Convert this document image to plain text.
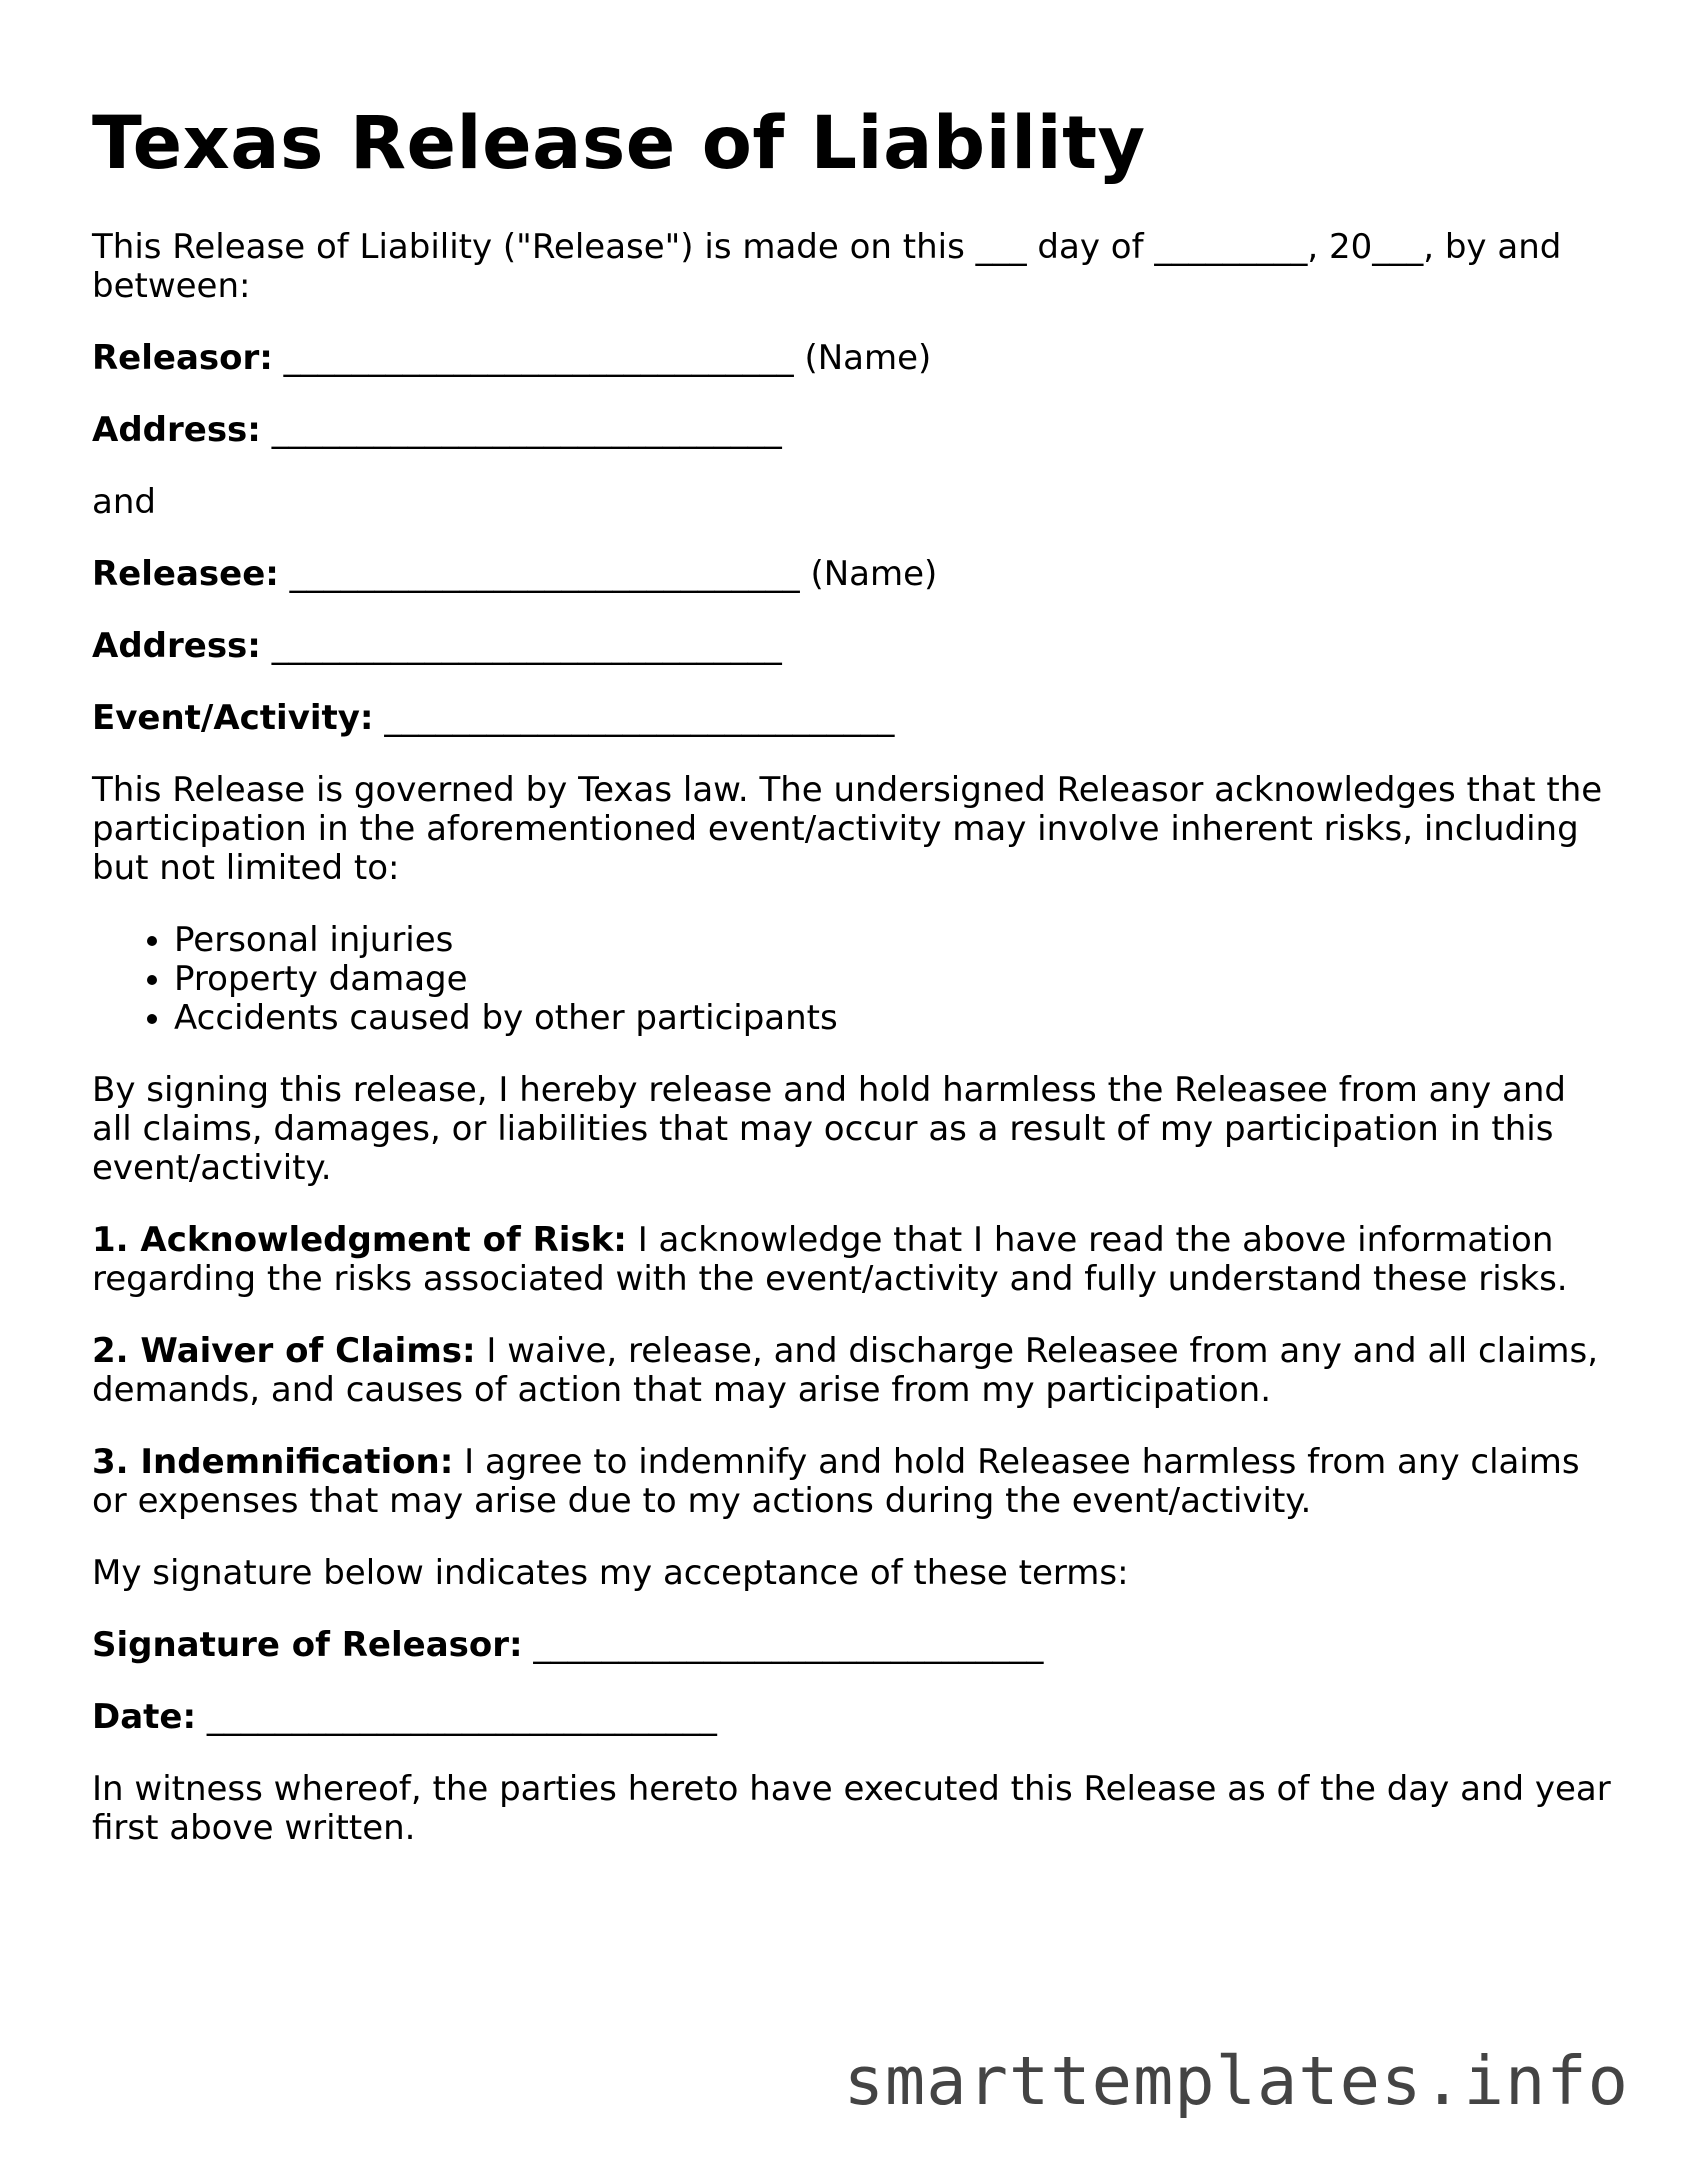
Texas Release of Liability

This Release of Liability ("Release") is made on this ___ day of _________, 20___, by and between:

Releasor: ______________________________ (Name)
Address: ______________________________

and

Releasee: ______________________________ (Name)
Address: ______________________________
Event/Activity: ______________________________

This Release is governed by Texas law. The undersigned Releasor acknowledges that the participation in the aforementioned event/activity may involve inherent risks, including but not limited to:

• Personal injuries
• Property damage
• Accidents caused by other participants

By signing this release, I hereby release and hold harmless the Releasee from any and all claims, damages, or liabilities that may occur as a result of my participation in this event/activity.

1. Acknowledgment of Risk: I acknowledge that I have read the above information regarding the risks associated with the event/activity and fully understand these risks.

2. Waiver of Claims: I waive, release, and discharge Releasee from any and all claims, demands, and causes of action that may arise from my participation.

3. Indemnification: I agree to indemnify and hold Releasee harmless from any claims or expenses that may arise due to my actions during the event/activity.

My signature below indicates my acceptance of these terms:

Signature of Releasor: ______________________________
Date: ______________________________

In witness whereof, the parties hereto have executed this Release as of the day and year first above written.

smarttemplates.info
